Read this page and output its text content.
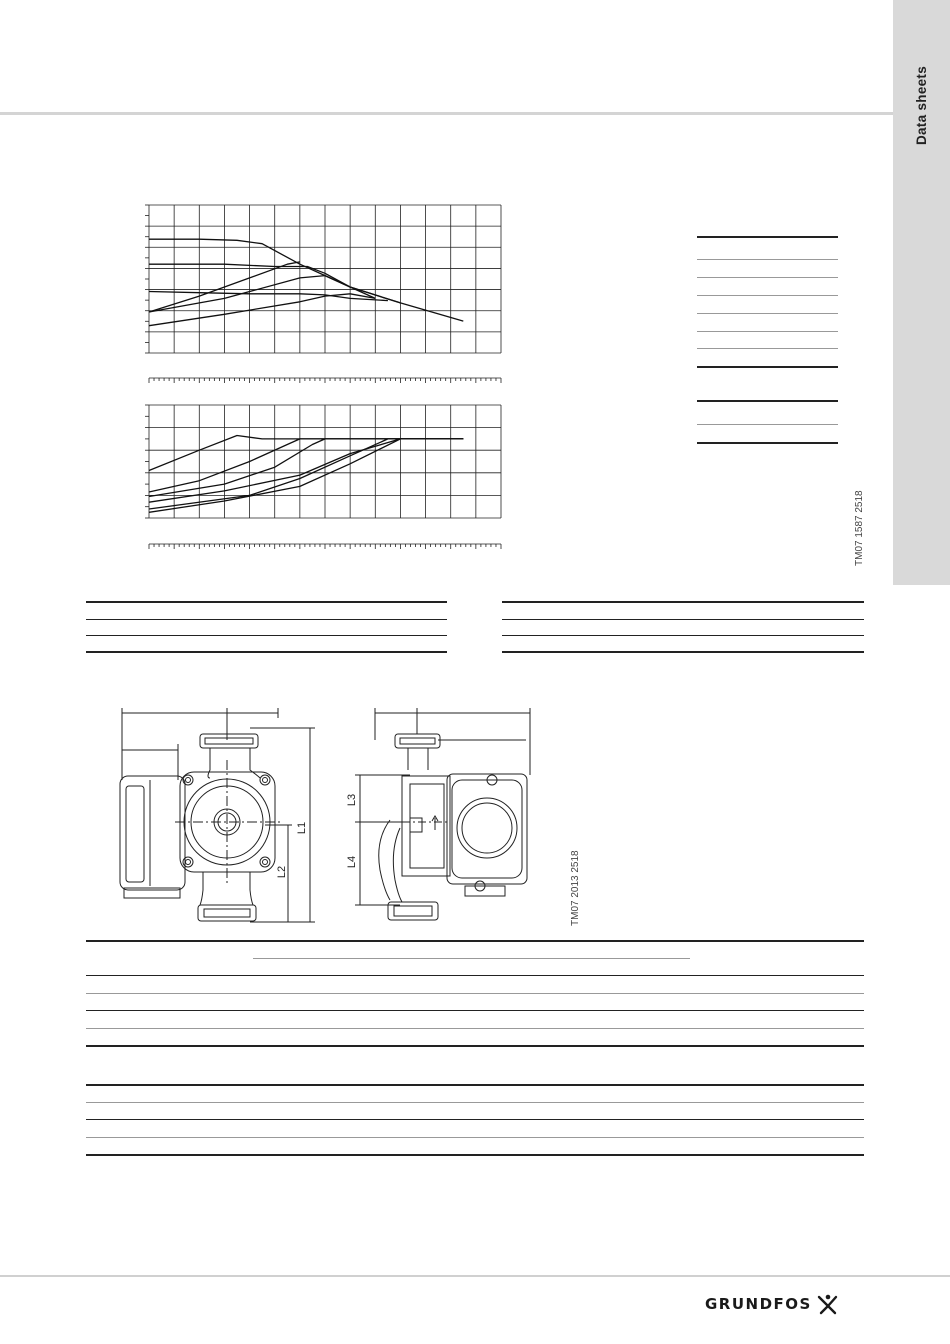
Data sheets
TM07 1587 2518
L1
L2
L3
L4	TM07 2013 2518
GRUNDFOS
